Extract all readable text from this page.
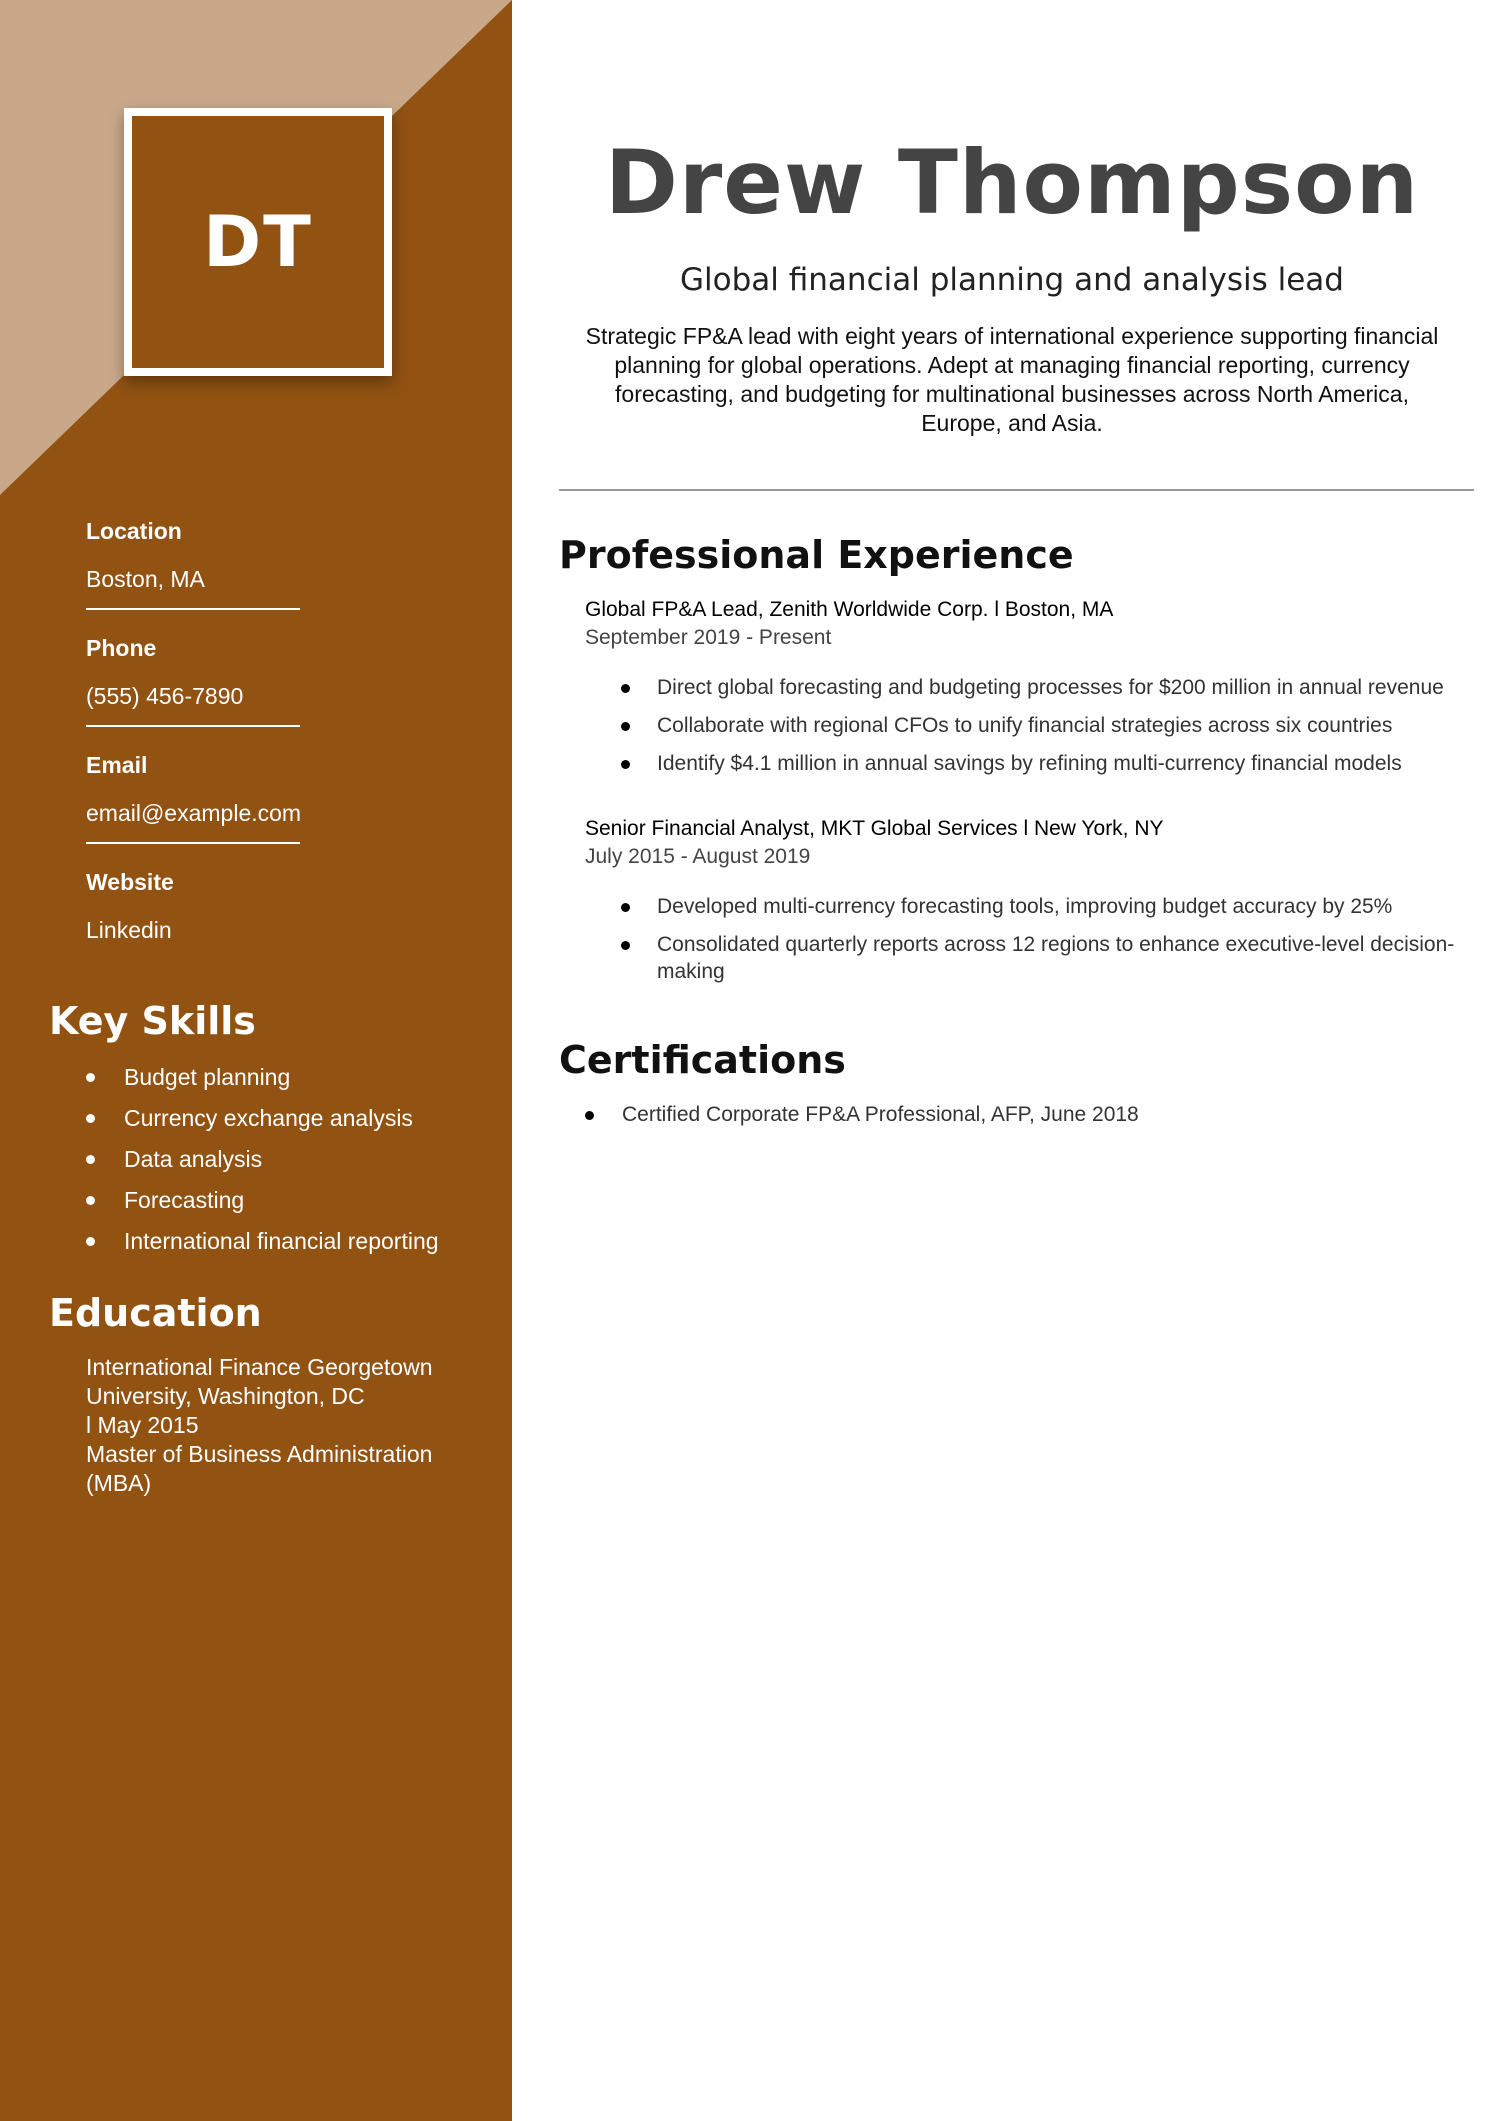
DT
Location
Boston, MA
Phone
(555) 456-7890
Email
email@example.com
Website
Linkedin
Key Skills
Budget planning
Currency exchange analysis
Data analysis
Forecasting
International financial reporting
Education
International Finance Georgetown University, Washington, DC
l May 2015
Master of Business Administration (MBA)
Drew Thompson
Global financial planning and analysis lead
Strategic FP&A lead with eight years of international experience supporting financial planning for global operations. Adept at managing financial reporting, currency forecasting, and budgeting for multinational businesses across North America, Europe, and Asia.
Professional Experience
Global FP&A Lead, Zenith Worldwide Corp. l Boston, MA
September 2019 - Present
Direct global forecasting and budgeting processes for $200 million in annual revenue
Collaborate with regional CFOs to unify financial strategies across six countries
Identify $4.1 million in annual savings by refining multi-currency financial models
Senior Financial Analyst, MKT Global Services l New York, NY
July 2015 - August 2019
Developed multi-currency forecasting tools, improving budget accuracy by 25%
Consolidated quarterly reports across 12 regions to enhance executive-level decision-making
Certifications
Certified Corporate FP&A Professional, AFP, June 2018
